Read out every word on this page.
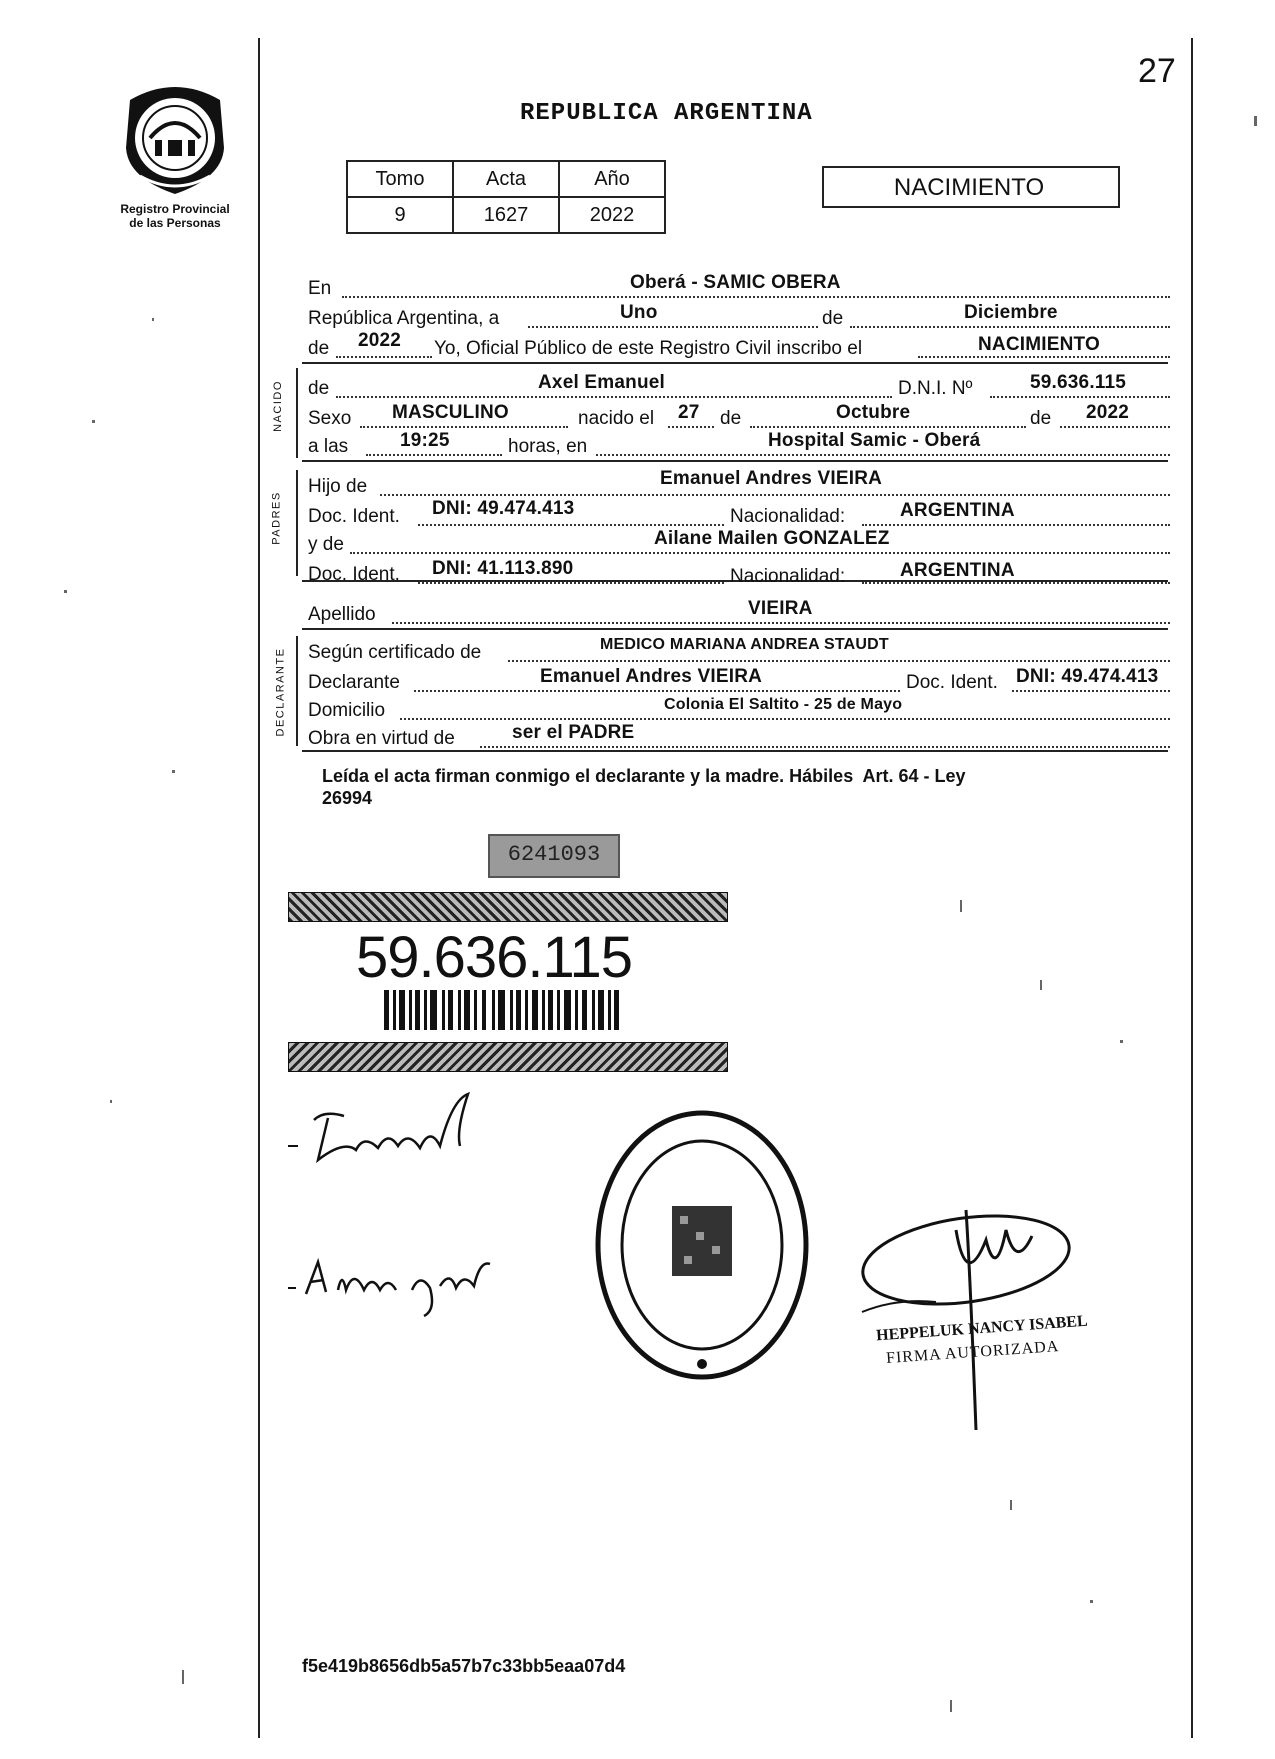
27
Registro Provincial
de las Personas
REPUBLICA ARGENTINA
Tomo	Acta	Año
9	1627	2022
NACIMIENTO
NACIDO
PADRES
DECLARANTE
En	Oberá - SAMIC OBERA
República Argentina, a	Uno	de	Diciembre
de 2022 Yo, Oficial Público de este Registro Civil inscribo el	NACIMIENTO
de	Axel Emanuel	D.N.I. Nº	59.636.115
Sexo MASCULINO	nacido el 27 de	Octubre	de 2022
a las	19:25	horas, en	Hospital Samic - Oberá
Hijo de	Emanuel Andres VIEIRA
Doc. Ident. DNI: 49.474.413	Nacionalidad:	ARGENTINA
y de	Ailane Mailen GONZALEZ
Doc. Ident. DNI: 41.113.890	Nacionalidad:	ARGENTINA
Apellido	VIEIRA
Según certificado de	MEDICO MARIANA ANDREA STAUDT
Declarante	Emanuel Andres VIEIRA	Doc. Ident. DNI: 49.474.413
Domicilio	Colonia El Saltito - 25 de Mayo
Obra en virtud de	ser el PADRE
Leída el acta firman conmigo el declarante y la madre. Hábiles  Art. 64 - Ley
26994
6241093
59.636.115
HEPPELUK NANCY ISABEL
FIRMA AUTORIZADA
f5e419b8656db5a57b7c33bb5eaa07d4
